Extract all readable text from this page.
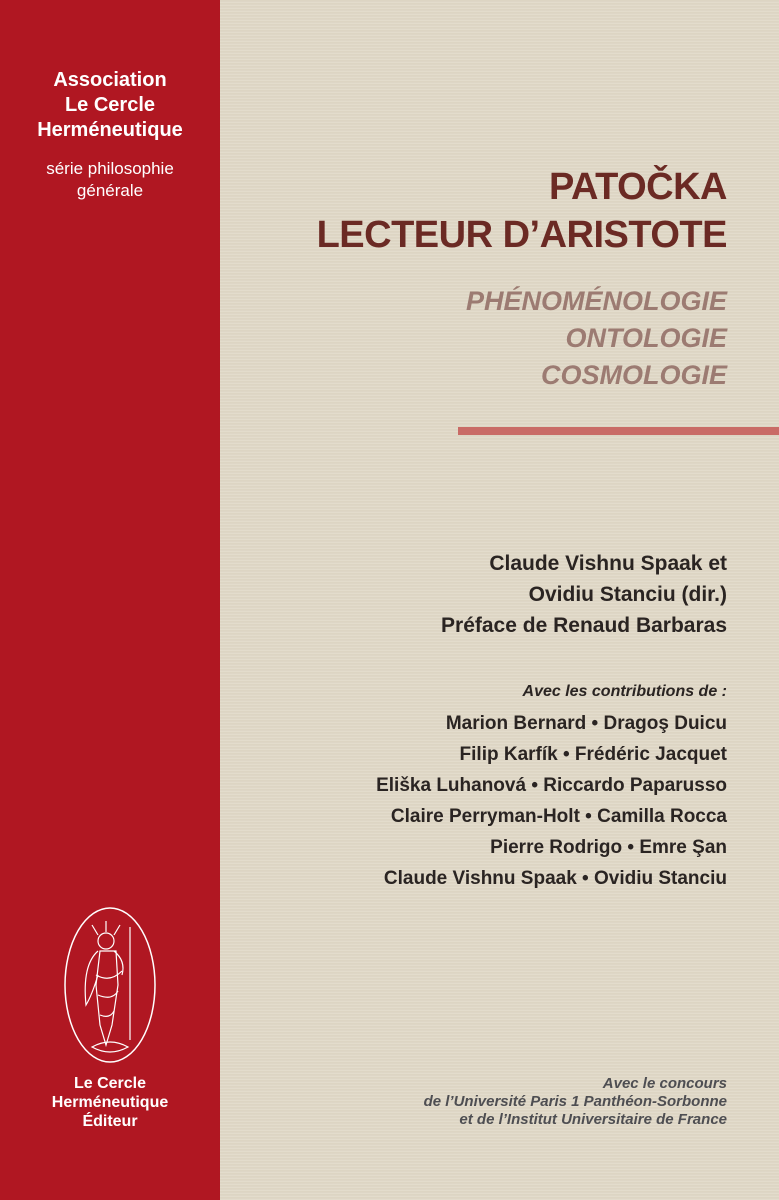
Association
Le Cercle
Herméneutique
série philosophie
générale
Le Cercle
Herméneutique
Éditeur
PATOČKA
LECTEUR D’ARISTOTE
PHÉNOMÉNOLOGIE
ONTOLOGIE
COSMOLOGIE
Claude Vishnu Spaak et
Ovidiu Stanciu (dir.)
Préface de Renaud Barbaras
Avec les contributions de :
Marion Bernard • Dragoş Duicu
Filip Karfík • Frédéric Jacquet
Eliška Luhanová • Riccardo Paparusso
Claire Perryman-Holt • Camilla Rocca
Pierre Rodrigo • Emre Şan
Claude Vishnu Spaak • Ovidiu Stanciu
Avec le concours
de l’Université Paris 1 Panthéon-Sorbonne
et de l’Institut Universitaire de France
